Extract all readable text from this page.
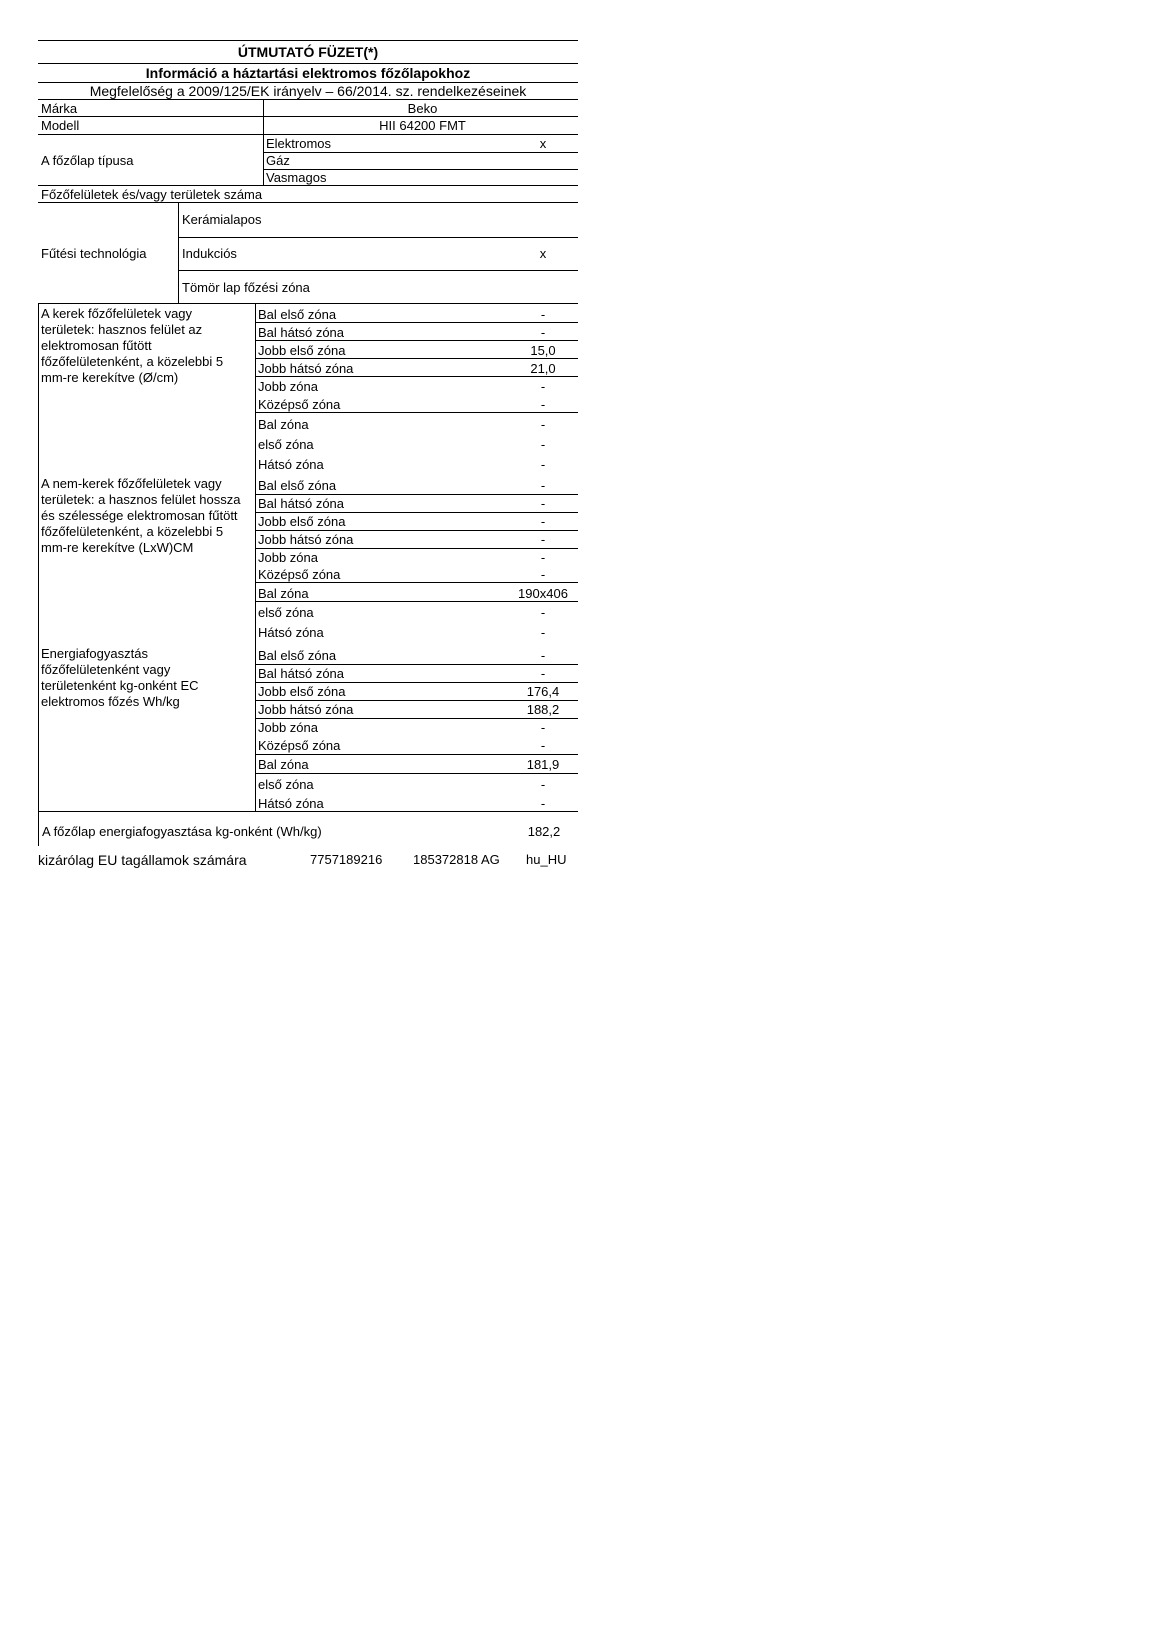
ÚTMUTATÓ FÜZET(*)
Információ a háztartási elektromos főzőlapokhoz
Megfelelőség a 2009/125/EK irányelv – 66/2014. sz. rendelkezéseinek
Márka	Beko
Modell	HII 64200 FMT
A főzőlap típusa
Elektromos	x
Gáz
Vasmagos
Főzőfelületek és/vagy területek száma
Fűtési technológia
Kerámialapos
Indukciós	x
Tömör lap főzési zóna
A kerek főzőfelületek vagy területek: hasznos felület az elektromosan fűtött főzőfelületenként, a közelebbi 5 mm-re kerekítve (Ø/cm)
Bal első zóna	-
Bal hátsó zóna	-
Jobb első zóna	15,0
Jobb hátsó zóna	21,0
Jobb zóna	-
Középső zóna	-
Bal zóna	-
első zóna	-
Hátsó zóna	-
A nem-kerek főzőfelületek vagy területek: a hasznos felület hossza és szélessége elektromosan fűtött főzőfelületenként, a közelebbi 5 mm-re kerekítve (LxW)CM
Bal első zóna	-
Bal hátsó zóna	-
Jobb első zóna	-
Jobb hátsó zóna	-
Jobb zóna	-
Középső zóna	-
Bal zóna	190x406
első zóna	-
Hátsó zóna	-
Energiafogyasztás főzőfelületenként vagy területenként kg-onként EC elektromos főzés Wh/kg
Bal első zóna	-
Bal hátsó zóna	-
Jobb első zóna	176,4
Jobb hátsó zóna	188,2
Jobb zóna	-
Középső zóna	-
Bal zóna	181,9
első zóna	-
Hátsó zóna	-
A főzőlap energiafogyasztása kg-onként (Wh/kg)	182,2
kizárólag EU tagállamok számára	7757189216 185372818 AG hu_HU
